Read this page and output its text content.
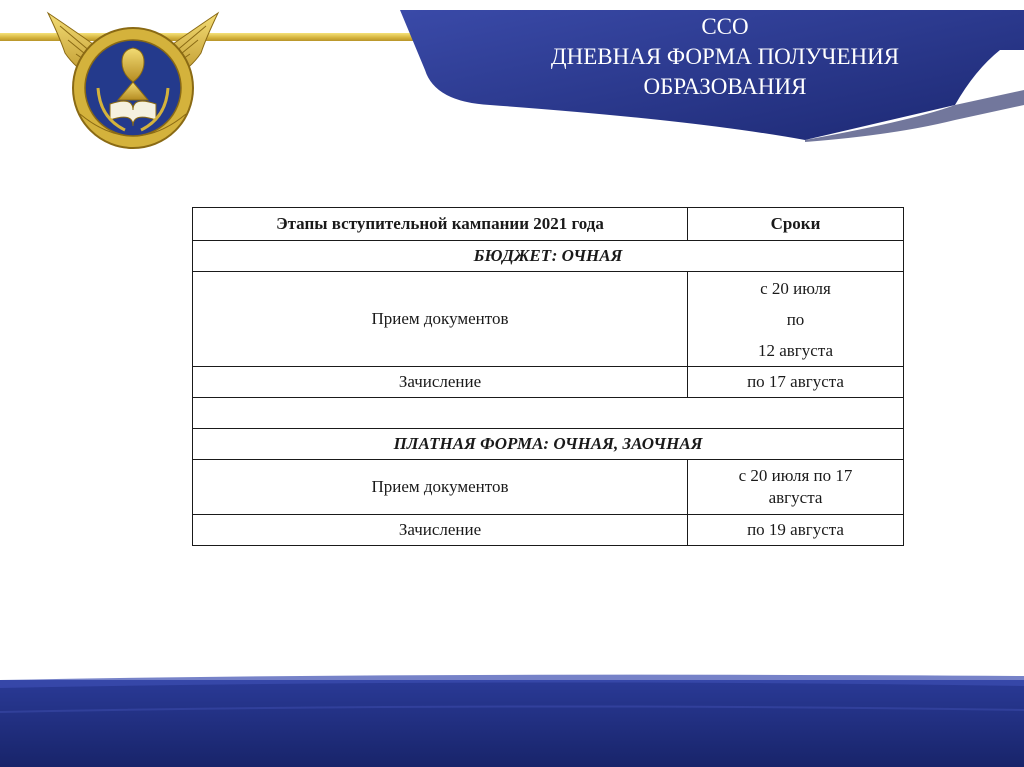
ССО
ДНЕВНАЯ ФОРМА ПОЛУЧЕНИЯ
ОБРАЗОВАНИЯ
Этапы вступительной кампании 2021 года	Сроки
БЮДЖЕТ: ОЧНАЯ	
Прием документов	с 20 июля
по
12 августа

Зачисление	по 17 августа

ПЛАТНАЯ ФОРМА: ОЧНАЯ, ЗАОЧНАЯ	
Прием документов	с 20 июля по 17
августа

Зачисление	по 19 августа
